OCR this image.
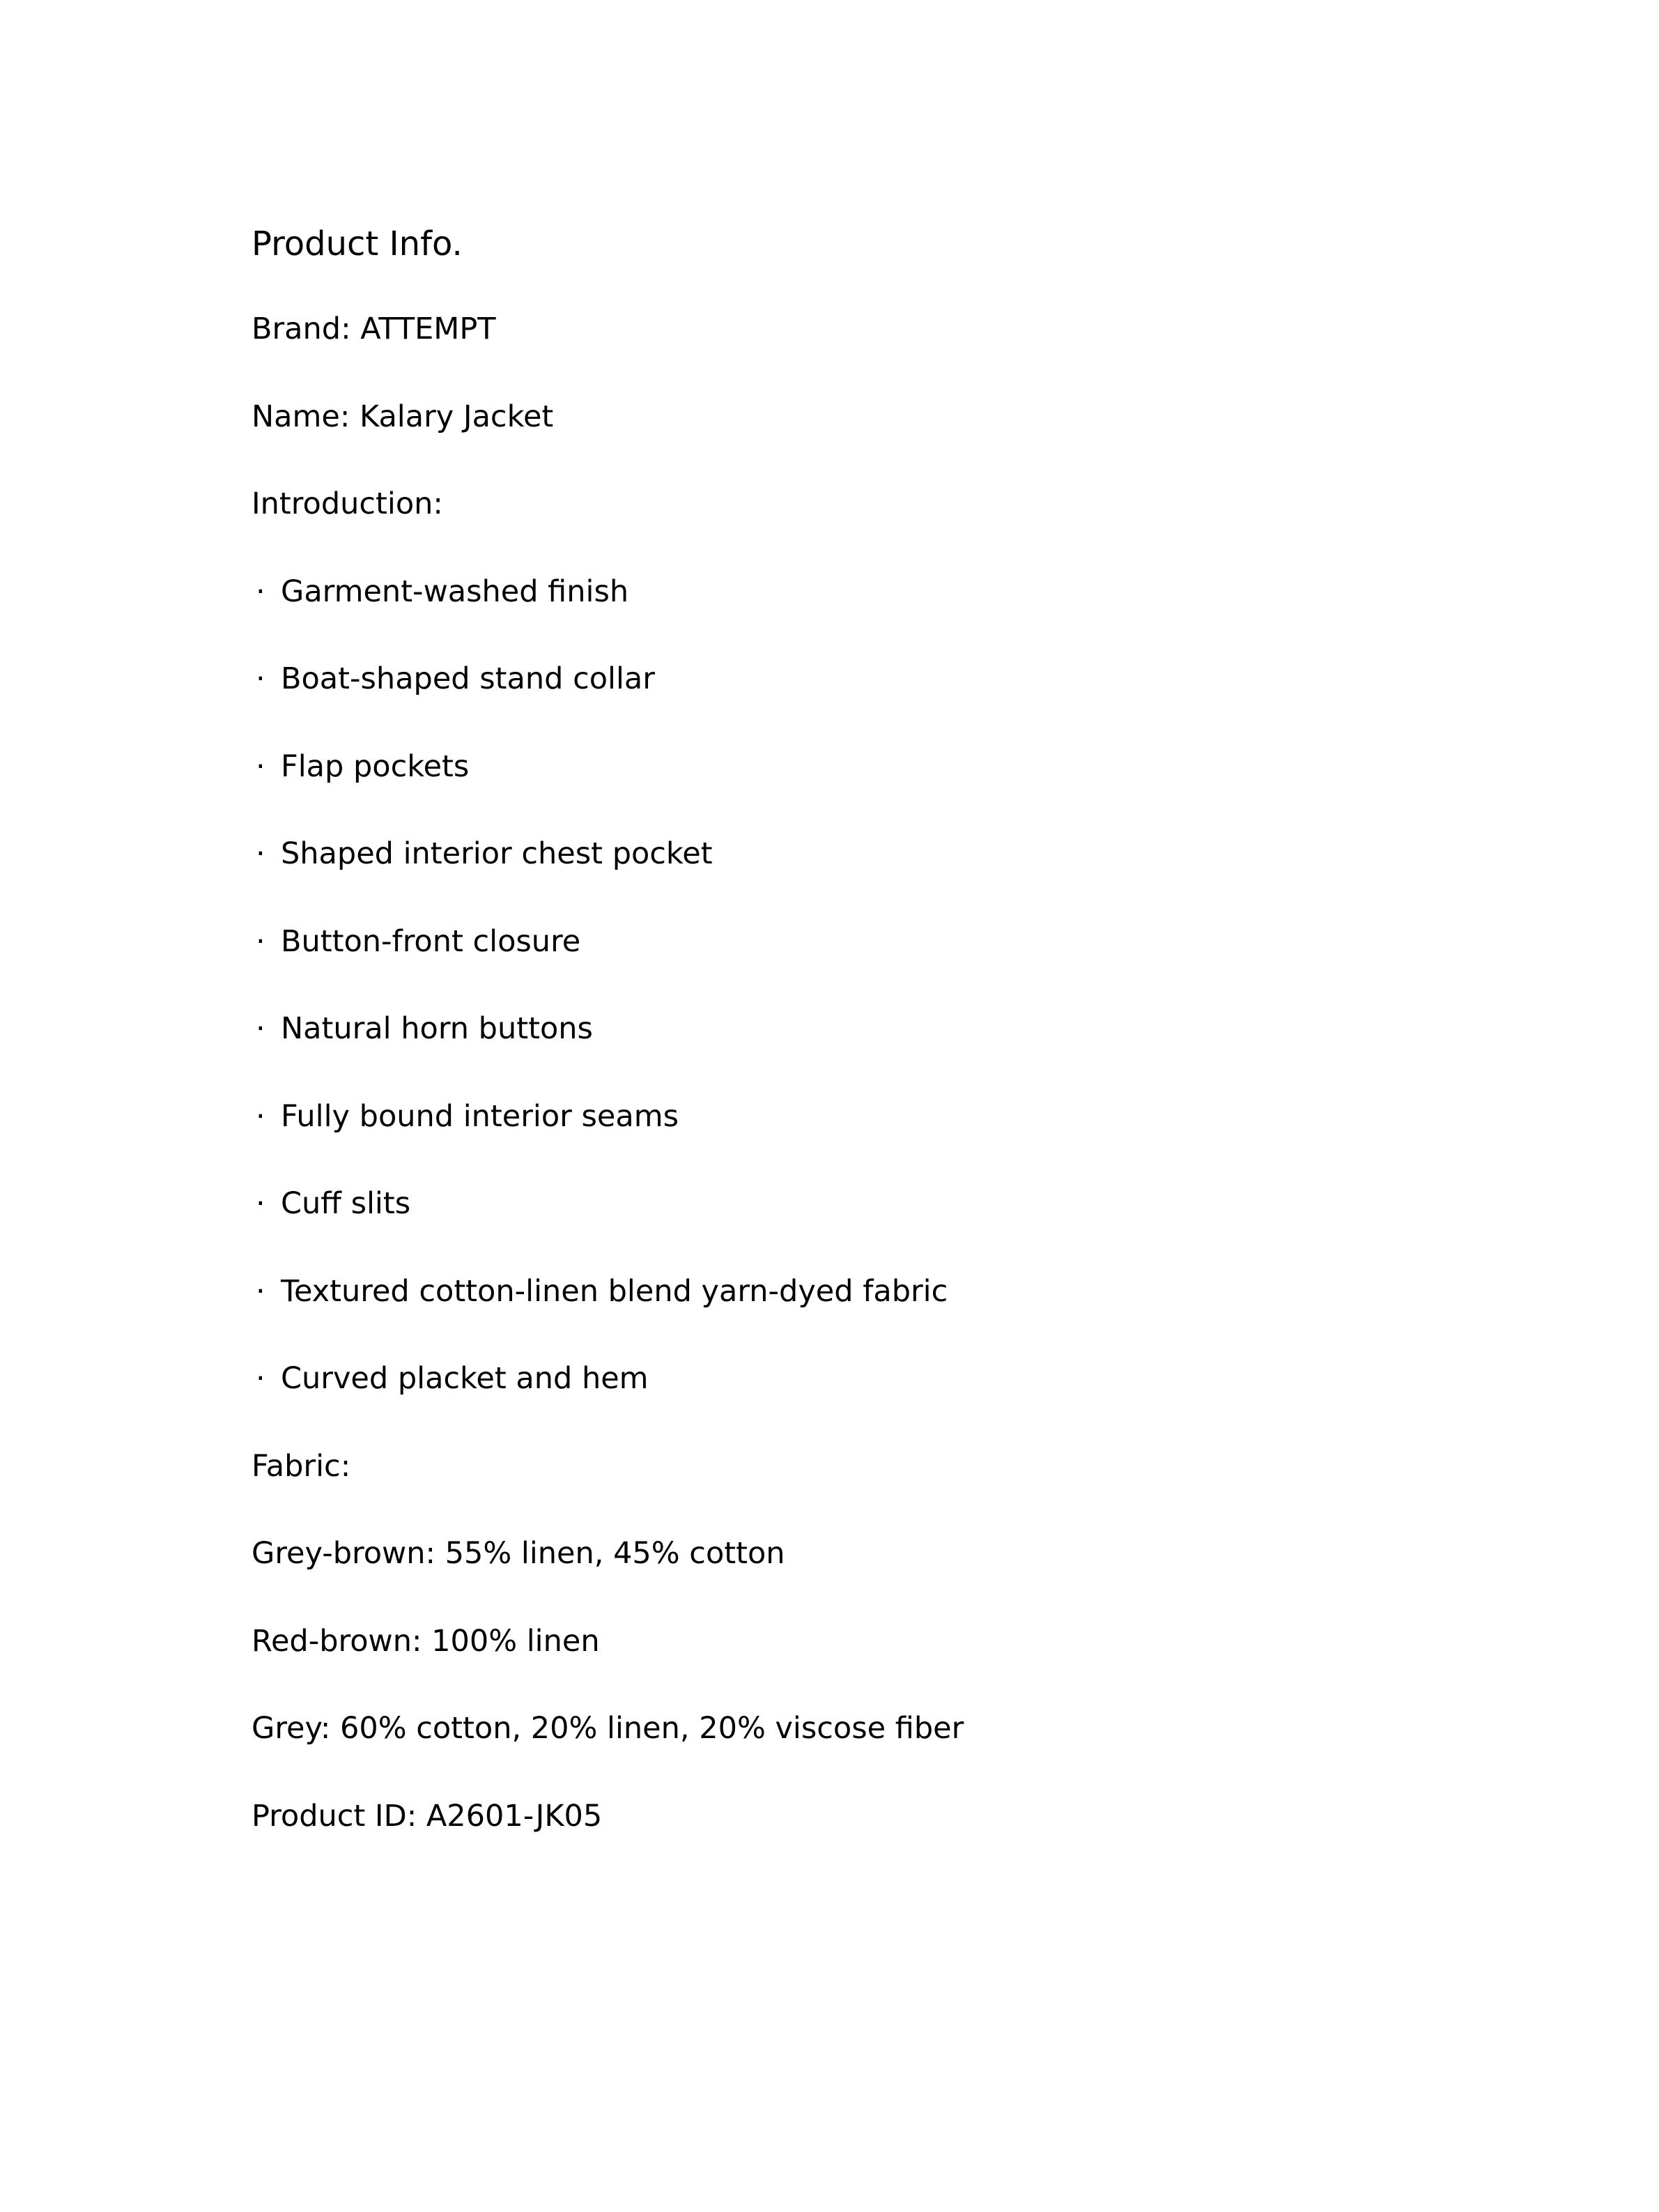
Product Info.
Brand: ATTEMPT
Name: Kalary Jacket
Introduction:
· Garment-washed finish
· Boat-shaped stand collar
· Flap pockets
· Shaped interior chest pocket
· Button-front closure
· Natural horn buttons
· Fully bound interior seams
· Cuff slits
· Textured cotton-linen blend yarn-dyed fabric
· Curved placket and hem
Fabric:
Grey-brown: 55% linen, 45% cotton
Red-brown: 100% linen
Grey: 60% cotton, 20% linen, 20% viscose fiber
Product ID: A2601-JK05
